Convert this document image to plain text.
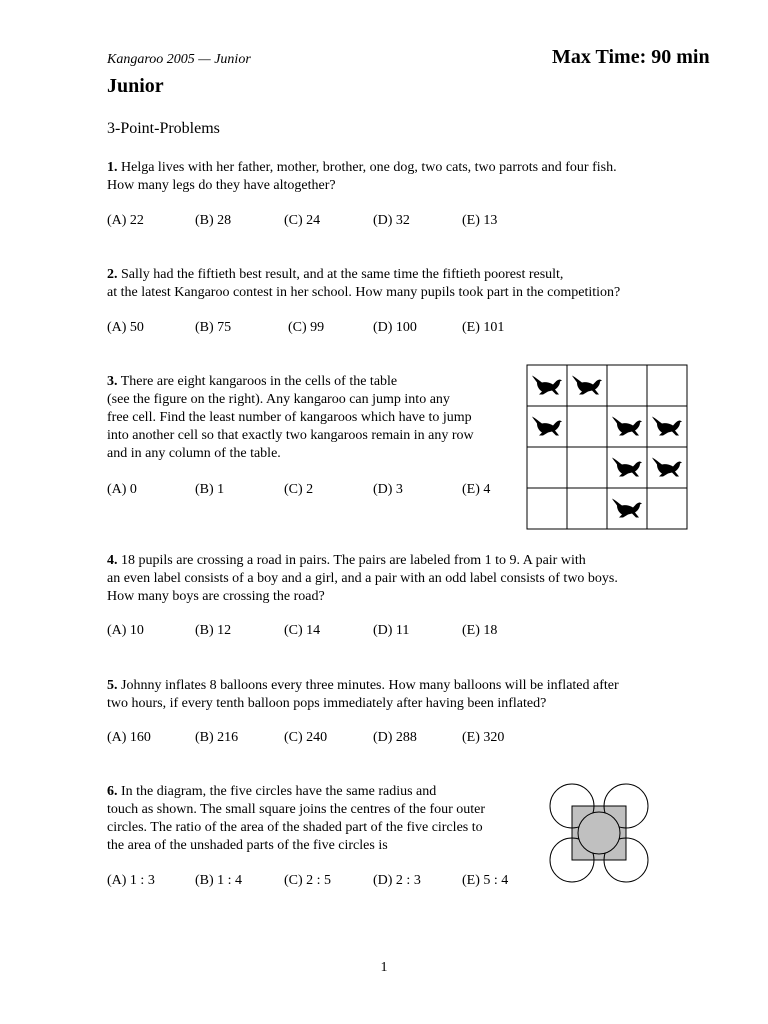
Kangaroo 2005 — Junior	Max Time: 90 min
Junior
3-Point-Problems
1. Helga lives with her father, mother, brother, one dog, two cats, two parrots and four fish.
How many legs do they have altogether?
(A) 22	(B) 28	(C) 24	(D) 32	(E) 13
2. Sally had the fiftieth best result, and at the same time the fiftieth poorest result,
at the latest Kangaroo contest in her school. How many pupils took part in the competition?
(A) 50	(B) 75	(C) 99	(D) 100	(E) 101
3. There are eight kangaroos in the cells of the table
(see the figure on the right). Any kangaroo can jump into any
free cell. Find the least number of kangaroos which have to jump
into another cell so that exactly two kangaroos remain in any row
and in any column of the table.
(A) 0	(B) 1	(C) 2	(D) 3	(E) 4
4. 18 pupils are crossing a road in pairs. The pairs are labeled from 1 to 9. A pair with
an even label consists of a boy and a girl, and a pair with an odd label consists of two boys.
How many boys are crossing the road?
(A) 10	(B) 12	(C) 14	(D) 11	(E) 18
5. Johnny inflates 8 balloons every three minutes. How many balloons will be inflated after
two hours, if every tenth balloon pops immediately after having been inflated?
(A) 160	(B) 216	(C) 240	(D) 288	(E) 320
6. In the diagram, the five circles have the same radius and
touch as shown. The small square joins the centres of the four outer
circles. The ratio of the area of the shaded part of the five circles to
the area of the unshaded parts of the five circles is
(A) 1 : 3	(B) 1 : 4	(C) 2 : 5	(D) 2 : 3	(E) 5 : 4
1
